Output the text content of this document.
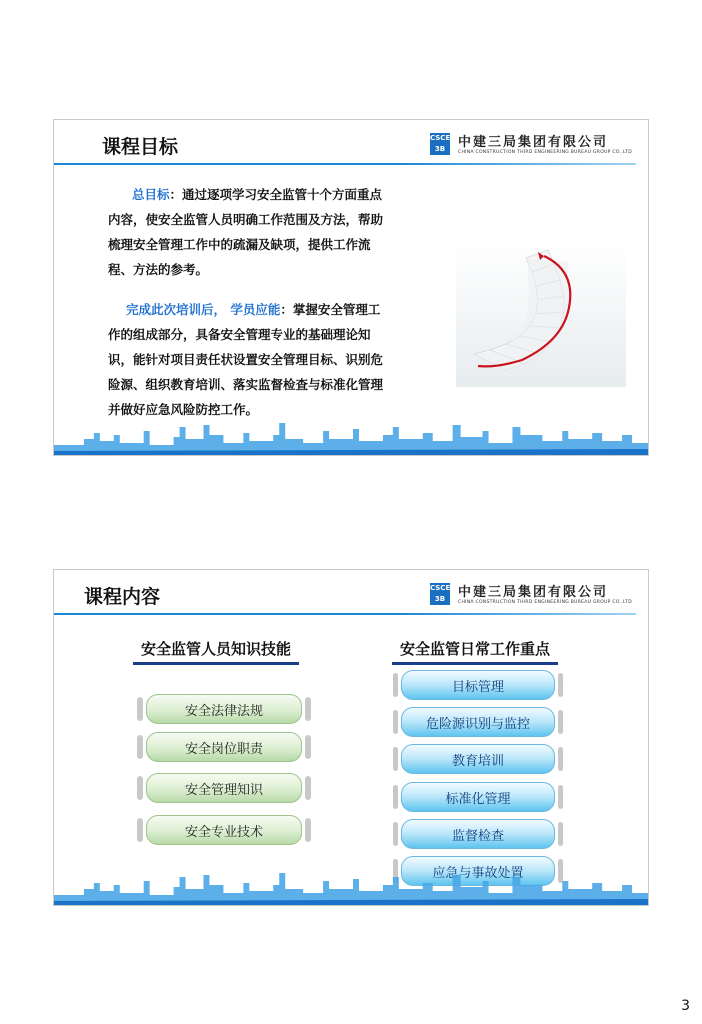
课程目标	CSCEC
3B 中建三局集团有限公司
CHINA CONSTRUCTION THIRD ENGINEERING BUREAU GROUP CO.,LTD
总目标：通过逐项学习安全监管十个方面重点内容，使安全监管人员明确工作范围及方法，帮助梳理安全管理工作中的疏漏及缺项，提供工作流程、方法的参考。
完成此次培训后， 学员应能：掌握安全管理工作的组成部分，具备安全管理专业的基础理论知识，能针对项目责任状设置安全管理目标、识别危险源、组织教育培训、落实监督检查与标准化管理并做好应急风险防控工作。
课程内容	CSCEC
3B 中建三局集团有限公司
CHINA CONSTRUCTION THIRD ENGINEERING BUREAU GROUP CO.,LTD
安全监管人员知识技能	安全监管日常工作重点
安全法律法规
安全岗位职责
安全管理知识
安全专业技术
目标管理
危险源识别与监控
教育培训
标准化管理
监督检查
应急与事故处置
3
